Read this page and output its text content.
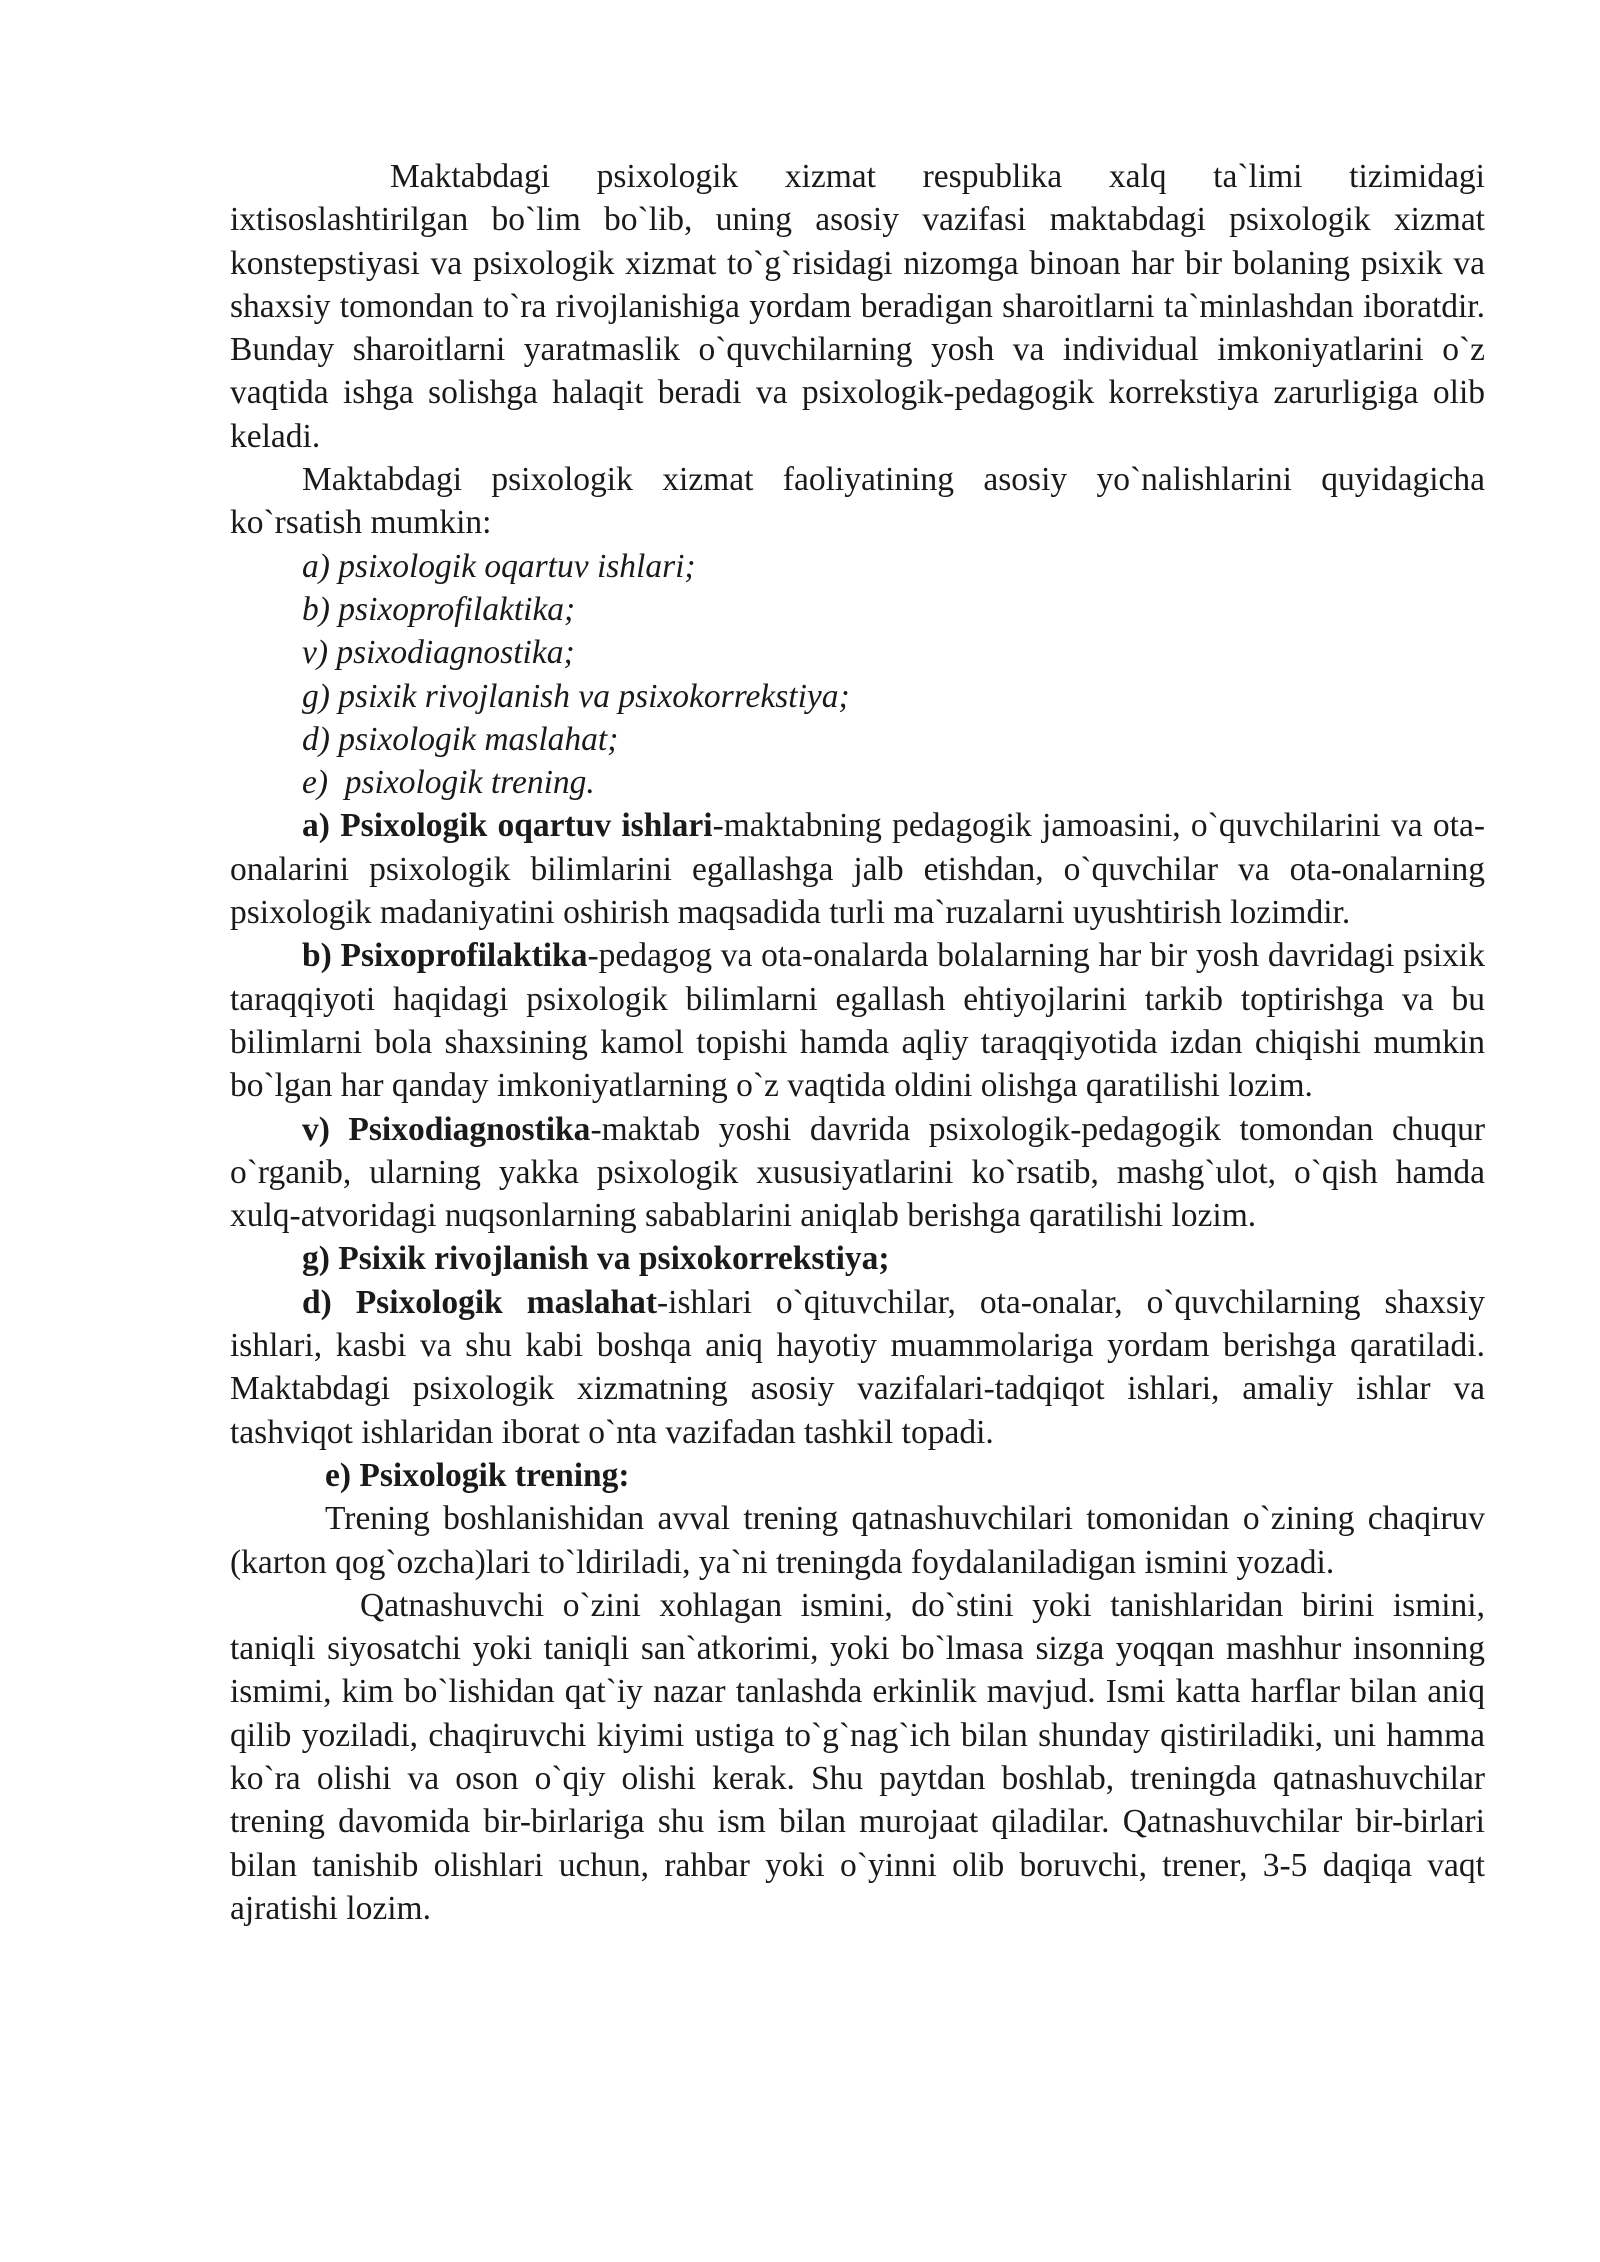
Maktabdagi psixologik xizmat respublika xalq ta`limi tizimidagi ixtisoslashtirilgan bo`lim bo`lib, uning asosiy vazifasi maktabdagi psixologik xizmat konstepstiyasi va psixologik xizmat to`g`risidagi nizomga binoan har bir bolaning psixik va shaxsiy tomondan to`ra rivojlanishiga yordam beradigan sharoitlarni ta`minlashdan iboratdir. Bunday sharoitlarni yaratmaslik o`quvchilarning yosh va individual imkoniyatlarini o`z vaqtida ishga solishga halaqit beradi va psixologik-pedagogik korrekstiya zarurligiga olib keladi.

Maktabdagi psixologik xizmat faoliyatining asosiy yo`nalishlarini quyidagicha ko`rsatish mumkin:

a) psixologik oqartuv ishlari;

b) psixoprofilaktika;

v) psixodiagnostika;

g) psixik rivojlanish va psixokorrekstiya;

d) psixologik maslahat;

e)  psixologik trening.

a) Psixologik oqartuv ishlari-maktabning pedagogik jamoasini, o`quvchilarini va ota-onalarini psixologik bilimlarini egallashga jalb etishdan, o`quvchilar va ota-onalarning psixologik madaniyatini oshirish maqsadida turli ma`ruzalarni uyushtirish lozimdir.

b) Psixoprofilaktika-pedagog va ota-onalarda bolalarning har bir yosh davridagi psixik taraqqiyoti haqidagi psixologik bilimlarni egallash ehtiyojlarini tarkib toptirishga va bu bilimlarni bola shaxsining kamol topishi hamda aqliy taraqqiyotida izdan chiqishi mumkin bo`lgan har qanday imkoniyatlarning o`z vaqtida oldini olishga qaratilishi lozim.

v) Psixodiagnostika-maktab yoshi davrida psixologik-pedagogik tomondan chuqur o`rganib, ularning yakka psixologik xususiyatlarini ko`rsatib, mashg`ulot, o`qish hamda xulq-atvoridagi nuqsonlarning sabablarini aniqlab berishga qaratilishi lozim.

g) Psixik rivojlanish va psixokorrekstiya;

d) Psixologik maslahat-ishlari o`qituvchilar, ota-onalar, o`quvchilarning shaxsiy ishlari, kasbi va shu kabi boshqa aniq hayotiy muammolariga yordam berishga qaratiladi. Maktabdagi psixologik xizmatning asosiy vazifalari-tadqiqot ishlari, amaliy ishlar va tashviqot ishlaridan iborat o`nta vazifadan tashkil topadi.

e) Psixologik trening:

Trening boshlanishidan avval trening qatnashuvchilari tomonidan o`zining chaqiruv (karton qog`ozcha)lari to`ldiriladi, ya`ni treningda foydalaniladigan ismini yozadi.

Qatnashuvchi o`zini xohlagan ismini, do`stini yoki tanishlaridan birini ismini, taniqli siyosatchi yoki taniqli san`atkorimi, yoki bo`lmasa sizga yoqqan mashhur insonning ismimi, kim bo`lishidan qat`iy nazar tanlashda erkinlik mavjud. Ismi katta harflar bilan aniq qilib yoziladi, chaqiruvchi kiyimi ustiga to`g`nag`ich bilan shunday qistiriladiki, uni hamma ko`ra olishi va oson o`qiy olishi kerak. Shu paytdan boshlab, treningda qatnashuvchilar trening davomida bir-birlariga shu ism bilan murojaat qiladilar. Qatnashuvchilar bir-birlari bilan tanishib olishlari uchun, rahbar yoki o`yinni olib boruvchi, trener, 3-5 daqiqa vaqt ajratishi lozim.
